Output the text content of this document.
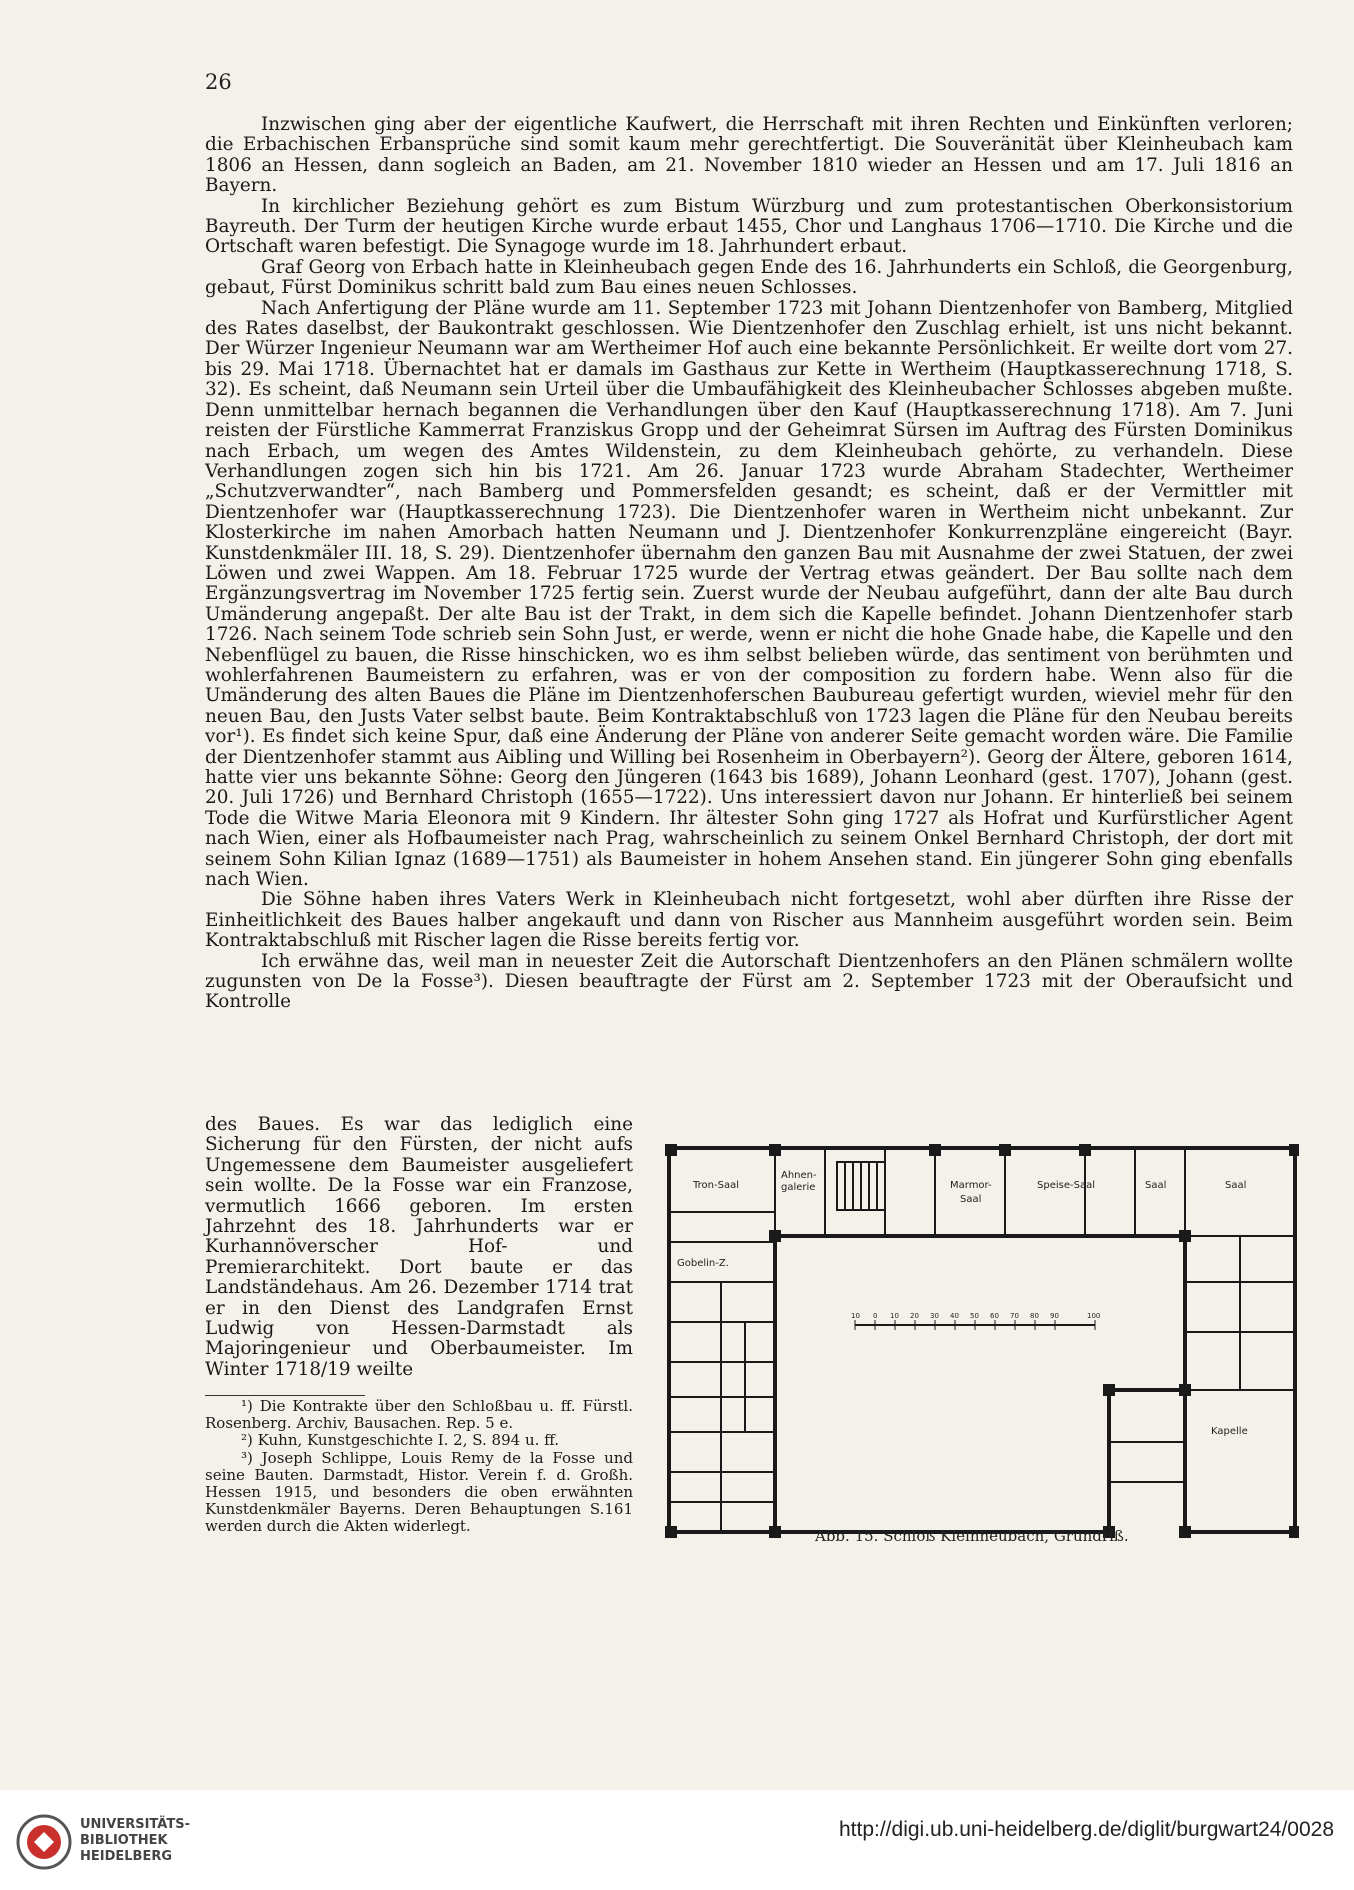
26

Inzwischen ging aber der eigentliche Kaufwert, die Herrschaft mit ihren Rechten und Einkünften verloren; die Erbachischen Erbansprüche sind somit kaum mehr gerechtfertigt. Die Souveränität über Kleinheubach kam 1806 an Hessen, dann sogleich an Baden, am 21. November 1810 wieder an Hessen und am 17. Juli 1816 an Bayern.

In kirchlicher Beziehung gehört es zum Bistum Würzburg und zum protestantischen Oberkonsistorium Bayreuth. Der Turm der heutigen Kirche wurde erbaut 1455, Chor und Langhaus 1706—1710. Die Kirche und die Ortschaft waren befestigt. Die Synagoge wurde im 18. Jahrhundert erbaut.

Graf Georg von Erbach hatte in Kleinheubach gegen Ende des 16. Jahrhunderts ein Schloß, die Georgenburg, gebaut, Fürst Dominikus schritt bald zum Bau eines neuen Schlosses.

Nach Anfertigung der Pläne wurde am 11. September 1723 mit Johann Dientzenhofer von Bamberg, Mitglied des Rates daselbst, der Baukontrakt geschlossen. Wie Dientzenhofer den Zuschlag erhielt, ist uns nicht bekannt. Der Würzer Ingenieur Neumann war am Wertheimer Hof auch eine bekannte Persönlichkeit. Er weilte dort vom 27. bis 29. Mai 1718. Übernachtet hat er damals im Gasthaus zur Kette in Wertheim (Hauptkasserechnung 1718, S. 32). Es scheint, daß Neumann sein Urteil über die Umbaufähigkeit des Kleinheubacher Schlosses abgeben mußte. Denn unmittelbar hernach begannen die Verhandlungen über den Kauf (Hauptkasserechnung 1718). Am 7. Juni reisten der Fürstliche Kammerrat Franziskus Gropp und der Geheimrat Sürsen im Auftrag des Fürsten Dominikus nach Erbach, um wegen des Amtes Wildenstein, zu dem Kleinheubach gehörte, zu verhandeln. Diese Verhandlungen zogen sich hin bis 1721. Am 26. Januar 1723 wurde Abraham Stadechter, Wertheimer „Schutzverwandter“, nach Bamberg und Pommersfelden gesandt; es scheint, daß er der Vermittler mit Dientzenhofer war (Hauptkasserechnung 1723). Die Dientzenhofer waren in Wertheim nicht unbekannt. Zur Klosterkirche im nahen Amorbach hatten Neumann und J. Dientzenhofer Konkurrenzpläne eingereicht (Bayr. Kunstdenkmäler III. 18, S. 29). Dientzenhofer übernahm den ganzen Bau mit Ausnahme der zwei Statuen, der zwei Löwen und zwei Wappen. Am 18. Februar 1725 wurde der Vertrag etwas geändert. Der Bau sollte nach dem Ergänzungsvertrag im November 1725 fertig sein. Zuerst wurde der Neubau aufgeführt, dann der alte Bau durch Umänderung angepaßt. Der alte Bau ist der Trakt, in dem sich die Kapelle befindet. Johann Dientzenhofer starb 1726. Nach seinem Tode schrieb sein Sohn Just, er werde, wenn er nicht die hohe Gnade habe, die Kapelle und den Nebenflügel zu bauen, die Risse hinschicken, wo es ihm selbst belieben würde, das sentiment von berühmten und wohlerfahrenen Baumeistern zu erfahren, was er von der composition zu fordern habe. Wenn also für die Umänderung des alten Baues die Pläne im Dientzenhoferschen Baubureau gefertigt wurden, wieviel mehr für den neuen Bau, den Justs Vater selbst baute. Beim Kontraktabschluß von 1723 lagen die Pläne für den Neubau bereits vor¹). Es findet sich keine Spur, daß eine Änderung der Pläne von anderer Seite gemacht worden wäre. Die Familie der Dientzenhofer stammt aus Aibling und Willing bei Rosenheim in Oberbayern²). Georg der Ältere, geboren 1614, hatte vier uns bekannte Söhne: Georg den Jüngeren (1643 bis 1689), Johann Leonhard (gest. 1707), Johann (gest. 20. Juli 1726) und Bernhard Christoph (1655—1722). Uns interessiert davon nur Johann. Er hinterließ bei seinem Tode die Witwe Maria Eleonora mit 9 Kindern. Ihr ältester Sohn ging 1727 als Hofrat und Kurfürstlicher Agent nach Wien, einer als Hofbaumeister nach Prag, wahrscheinlich zu seinem Onkel Bernhard Christoph, der dort mit seinem Sohn Kilian Ignaz (1689—1751) als Baumeister in hohem Ansehen stand. Ein jüngerer Sohn ging ebenfalls nach Wien.

Die Söhne haben ihres Vaters Werk in Kleinheubach nicht fortgesetzt, wohl aber dürften ihre Risse der Einheitlichkeit des Baues halber angekauft und dann von Rischer aus Mannheim ausgeführt worden sein. Beim Kontraktabschluß mit Rischer lagen die Risse bereits fertig vor.

Ich erwähne das, weil man in neuester Zeit die Autorschaft Dientzenhofers an den Plänen schmälern wollte zugunsten von De la Fosse³). Diesen beauftragte der Fürst am 2. September 1723 mit der Oberaufsicht und Kontrolle

des Baues. Es war das lediglich eine Sicherung für den Fürsten, der nicht aufs Ungemessene dem Baumeister ausgeliefert sein wollte. De la Fosse war ein Franzose, vermutlich 1666 geboren. Im ersten Jahrzehnt des 18. Jahrhunderts war er Kurhannöverscher Hof- und Premierarchitekt. Dort baute er das Landständehaus. Am 26. Dezember 1714 trat er in den Dienst des Landgrafen Ernst Ludwig von Hessen-Darmstadt als Majoringenieur und Oberbaumeister. Im Winter 1718/19 weilte

¹) Die Kontrakte über den Schloßbau u. ff. Fürstl. Rosenberg. Archiv, Bausachen. Rep. 5 e.

²) Kuhn, Kunstgeschichte I. 2, S. 894 u. ff.

³) Joseph Schlippe, Louis Remy de la Fosse und seine Bauten. Darmstadt, Histor. Verein f. d. Großh. Hessen 1915, und besonders die oben erwähnten Kunstdenkmäler Bayerns. Deren Behauptungen S.161 werden durch die Akten widerlegt.

10 0 10 20 30 40 50 60 70 80 90	100
Tron-Saal
Ahnen-
galerie	Marmor-
Saal
Speise-Saal	Saal	Saal
Gobelin-Z.
Kapelle
Abb. 15. Schloß Kleinheubach, Grundriß.
UNIVERSITÄTS-
BIBLIOTHEK
HEIDELBERG
http://digi.ub.uni-heidelberg.de/diglit/burgwart24/0028
